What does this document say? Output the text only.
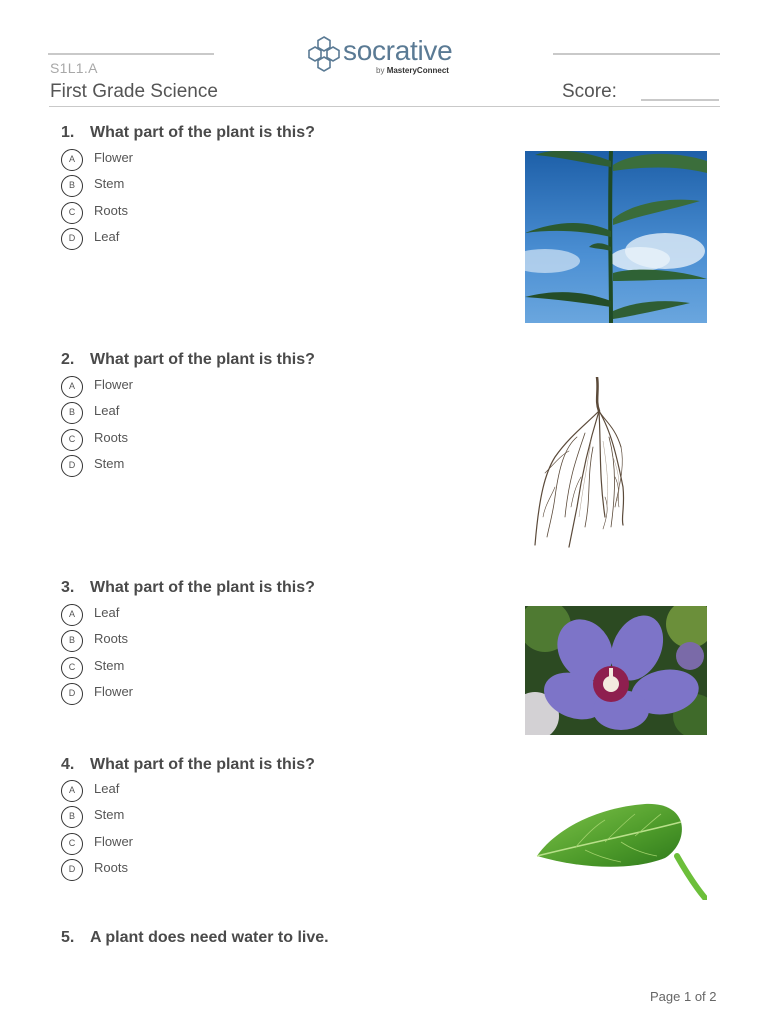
socrative
by MasteryConnect
S1L1.A
First Grade Science	Score:
1. What part of the plant is this?
A	Flower
B	Stem
C	Roots
D	Leaf
2. What part of the plant is this?
A	Flower
B	Leaf
C	Roots
D	Stem
3. What part of the plant is this?
A	Leaf
B	Roots
C	Stem
D	Flower
4. What part of the plant is this?
A	Leaf
B	Stem
C	Flower
D	Roots
5. A plant does need water to live.
Page 1 of 2
